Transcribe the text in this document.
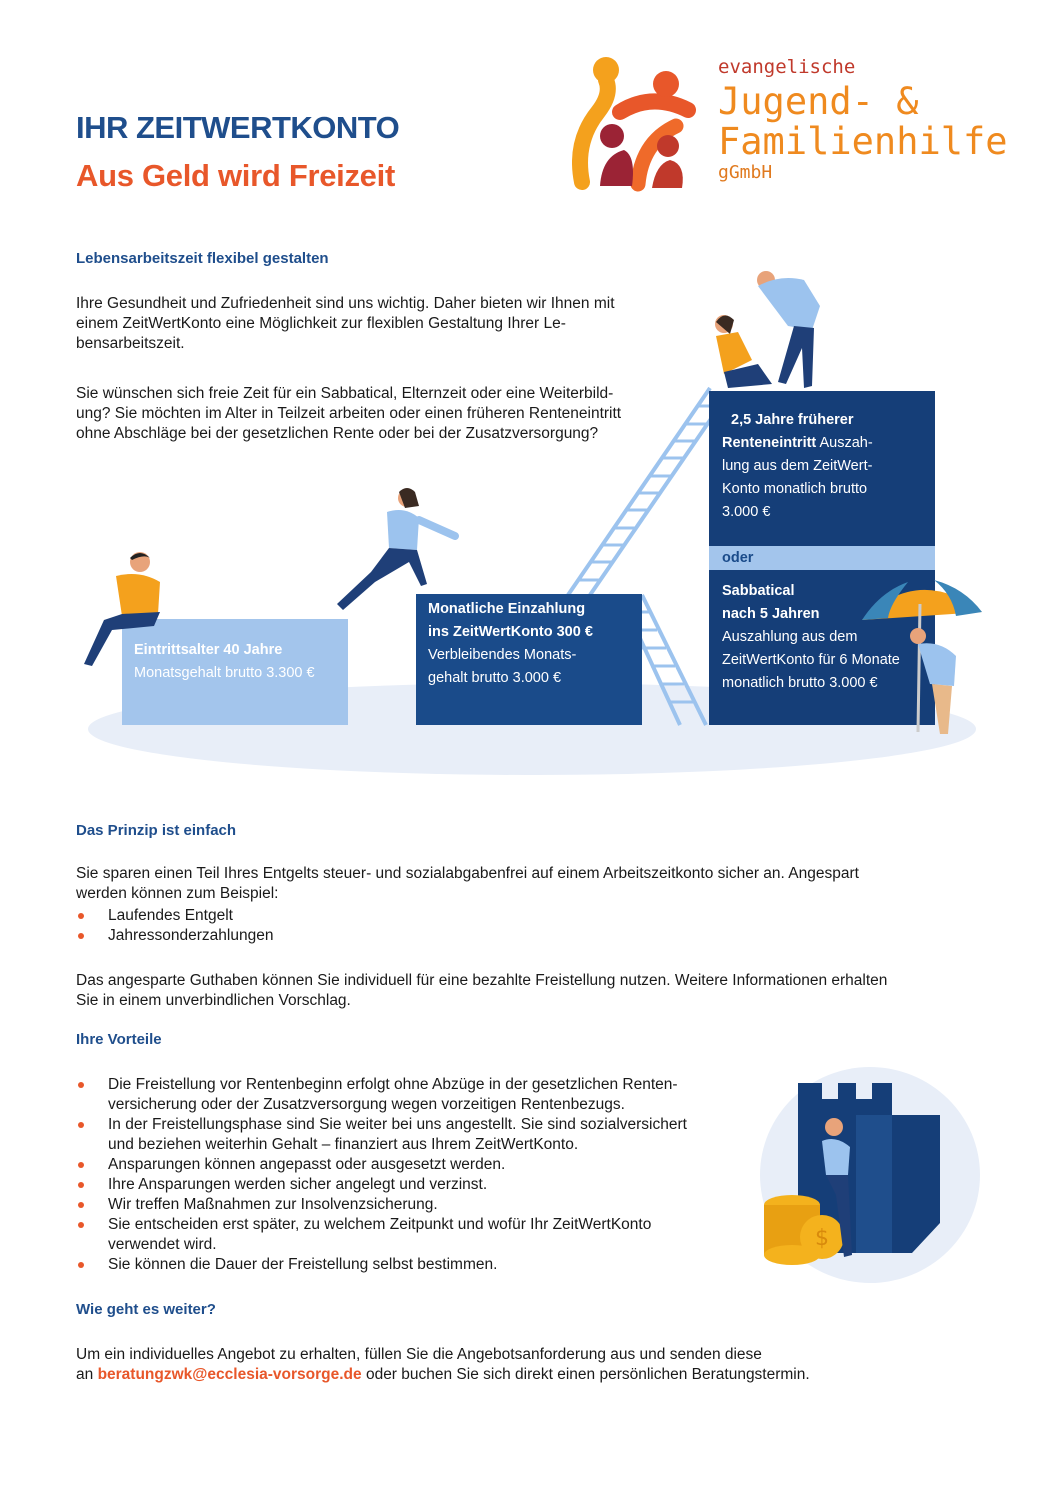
IHR ZEITWERTKONTO
Aus Geld wird Freizeit
evangelische
Jugend- &
Familienhilfe
gGmbH
Lebensarbeitszeit flexibel gestalten
Ihre Gesundheit und Zufriedenheit sind uns wichtig. Daher bieten wir Ihnen mit
einem ZeitWertKonto eine Möglichkeit zur flexiblen Gestaltung Ihrer Le-
bensarbeitszeit.
Sie wünschen sich freie Zeit für ein Sabbatical, Elternzeit oder eine Weiterbild-
ung? Sie möchten im Alter in Teilzeit arbeiten oder einen früheren Renteneintritt
ohne Abschläge bei der gesetzlichen Rente oder bei der Zusatzversorgung?
Eintrittsalter 40 Jahre
Monatsgehalt brutto 3.300 €
Monatliche Einzahlung
ins ZeitWertKonto 300 €
Verbleibendes Monats-
gehalt brutto 3.000 €
2,5 Jahre früherer
Renteneintritt Auszah-
lung aus dem ZeitWert-
Konto monatlich brutto
3.000 €
oder
Sabbatical
nach 5 Jahren
Auszahlung aus dem
ZeitWertKonto für 6 Monate
monatlich brutto 3.000 €
Das Prinzip ist einfach
Sie sparen einen Teil Ihres Entgelts steuer- und sozialabgabenfrei auf einem Arbeitszeitkonto sicher an. Angespart
werden können zum Beispiel:
Laufendes Entgelt
Jahressonderzahlungen
Das angesparte Guthaben können Sie individuell für eine bezahlte Freistellung nutzen. Weitere Informationen erhalten
Sie in einem unverbindlichen Vorschlag.
Ihre Vorteile
Die Freistellung vor Rentenbeginn erfolgt ohne Abzüge in der gesetzlichen Renten-
versicherung oder der Zusatzversorgung wegen vorzeitigen Rentenbezugs.
In der Freistellungsphase sind Sie weiter bei uns angestellt. Sie sind sozialversichert
und beziehen weiterhin Gehalt – finanziert aus Ihrem ZeitWertKonto.
Ansparungen können angepasst oder ausgesetzt werden.
Ihre Ansparungen werden sicher angelegt und verzinst.
Wir treffen Maßnahmen zur Insolvenzsicherung.
Sie entscheiden erst später, zu welchem Zeitpunkt und wofür Ihr ZeitWertKonto
verwendet wird.
Sie können die Dauer der Freistellung selbst bestimmen.
$
Wie geht es weiter?
Um ein individuelles Angebot zu erhalten, füllen Sie die Angebotsanforderung aus und senden diese
an beratungzwk@ecclesia-vorsorge.de oder buchen Sie sich direkt einen persönlichen Beratungstermin.
